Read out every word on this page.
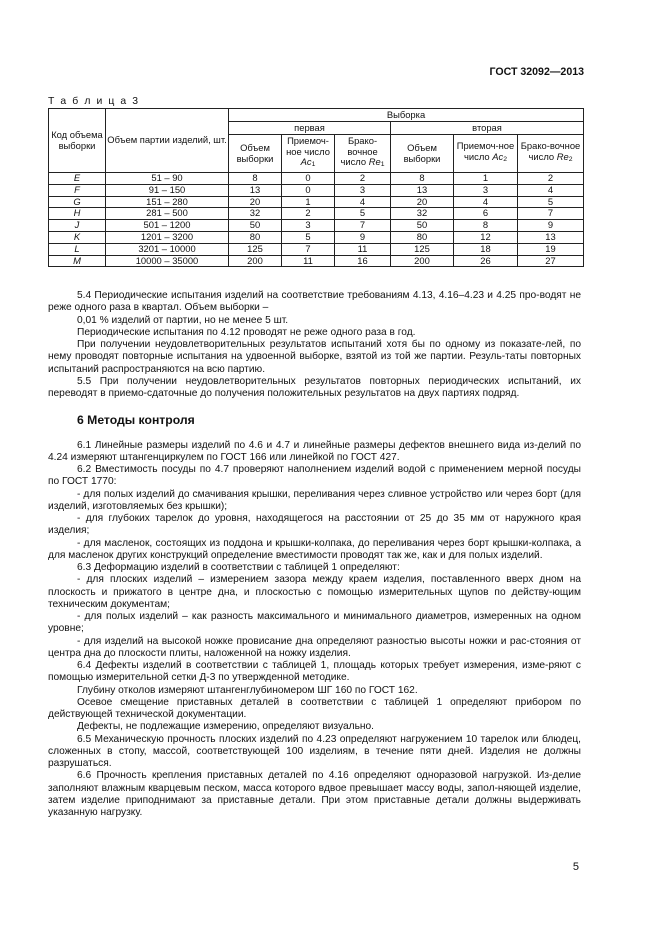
ГОСТ 32092—2013
Т а б л и ц а 3
Код объема выборки	Объем партии изделий, шт.	Выборка					
		первая			вторая		
		Объем выборки	Приемоч-ное число Ac1	Брако-вочное число Re1	Объем выборки	Приемоч-ное число Ac2	Брако-вочное число Re2
E	51 – 90	8	0	2	8	1	2
F	91 – 150	13	0	3	13	3	4
G	151 – 280	20	1	4	20	4	5
H	281 – 500	32	2	5	32	6	7
J	501 – 1200	50	3	7	50	8	9
K	1201 – 3200	80	5	9	80	12	13
L	3201 – 10000	125	7	11	125	18	19
M	10000 – 35000	200	11	16	200	26	27

5.4 Периодические испытания изделий на соответствие требованиям 4.13, 4.16–4.23 и 4.25 про-водят не реже одного раза в квартал. Объем выборки –

0,01 % изделий от партии, но не менее 5 шт.

Периодические испытания по 4.12 проводят не реже одного раза в год.

При получении неудовлетворительных результатов испытаний хотя бы по одному из показате-лей, по нему проводят повторные испытания на удвоенной выборке, взятой из той же партии. Резуль-таты повторных испытаний распространяются на всю партию.

5.5 При получении неудовлетворительных результатов повторных периодических испытаний, их переводят в приемо-сдаточные до получения положительных результатов на двух партиях подряд.

6 Методы контроля

6.1 Линейные размеры изделий по 4.6 и 4.7 и линейные размеры дефектов внешнего вида из-делий по 4.24 измеряют штангенциркулем по ГОСТ 166 или линейкой по ГОСТ 427.

6.2 Вместимость посуды по 4.7 проверяют наполнением изделий водой с применением мерной посуды по ГОСТ 1770:

- для полых изделий до смачивания крышки, переливания через сливное устройство или через борт (для изделий, изготовляемых без крышки);

- для глубоких тарелок до уровня, находящегося на расстоянии от 25 до 35 мм от наружного края изделия;

- для масленок, состоящих из поддона и крышки-колпака, до переливания через борт крышки-колпака, а для масленок других конструкций определение вместимости проводят так же, как и для полых изделий.

6.3 Деформацию изделий в соответствии с таблицей 1 определяют:

- для плоских изделий – измерением зазора между краем изделия, поставленного вверх дном на плоскость и прижатого в центре дна, и плоскостью с помощью измерительных щупов по действу-ющим техническим документам;

- для полых изделий – как разность максимального и минимального диаметров, измеренных на одном уровне;

- для изделий на высокой ножке провисание дна определяют разностью высоты ножки и рас-стояния от центра дна до плоскости плиты, наложенной на ножку изделия.

6.4 Дефекты изделий в соответствии с таблицей 1, площадь которых требует измерения, изме-ряют с помощью измерительной сетки Д-3 по утвержденной методике.

Глубину отколов измеряют штангенглубиномером ШГ 160 по ГОСТ 162.

Осевое смещение приставных деталей в соответствии с таблицей 1 определяют прибором по действующей технической документации.

Дефекты, не подлежащие измерению, определяют визуально.

6.5 Механическую прочность плоских изделий по 4.23 определяют нагружением 10 тарелок или блюдец, сложенных в стопу, массой, соответствующей 100 изделиям, в течение пяти дней. Изделия не должны разрушаться.

6.6 Прочность крепления приставных деталей по 4.16 определяют одноразовой нагрузкой. Из-делие заполняют влажным кварцевым песком, масса которого вдвое превышает массу воды, запол-няющей изделие, затем изделие приподнимают за приставные детали. При этом приставные детали должны выдерживать указанную нагрузку.

5
